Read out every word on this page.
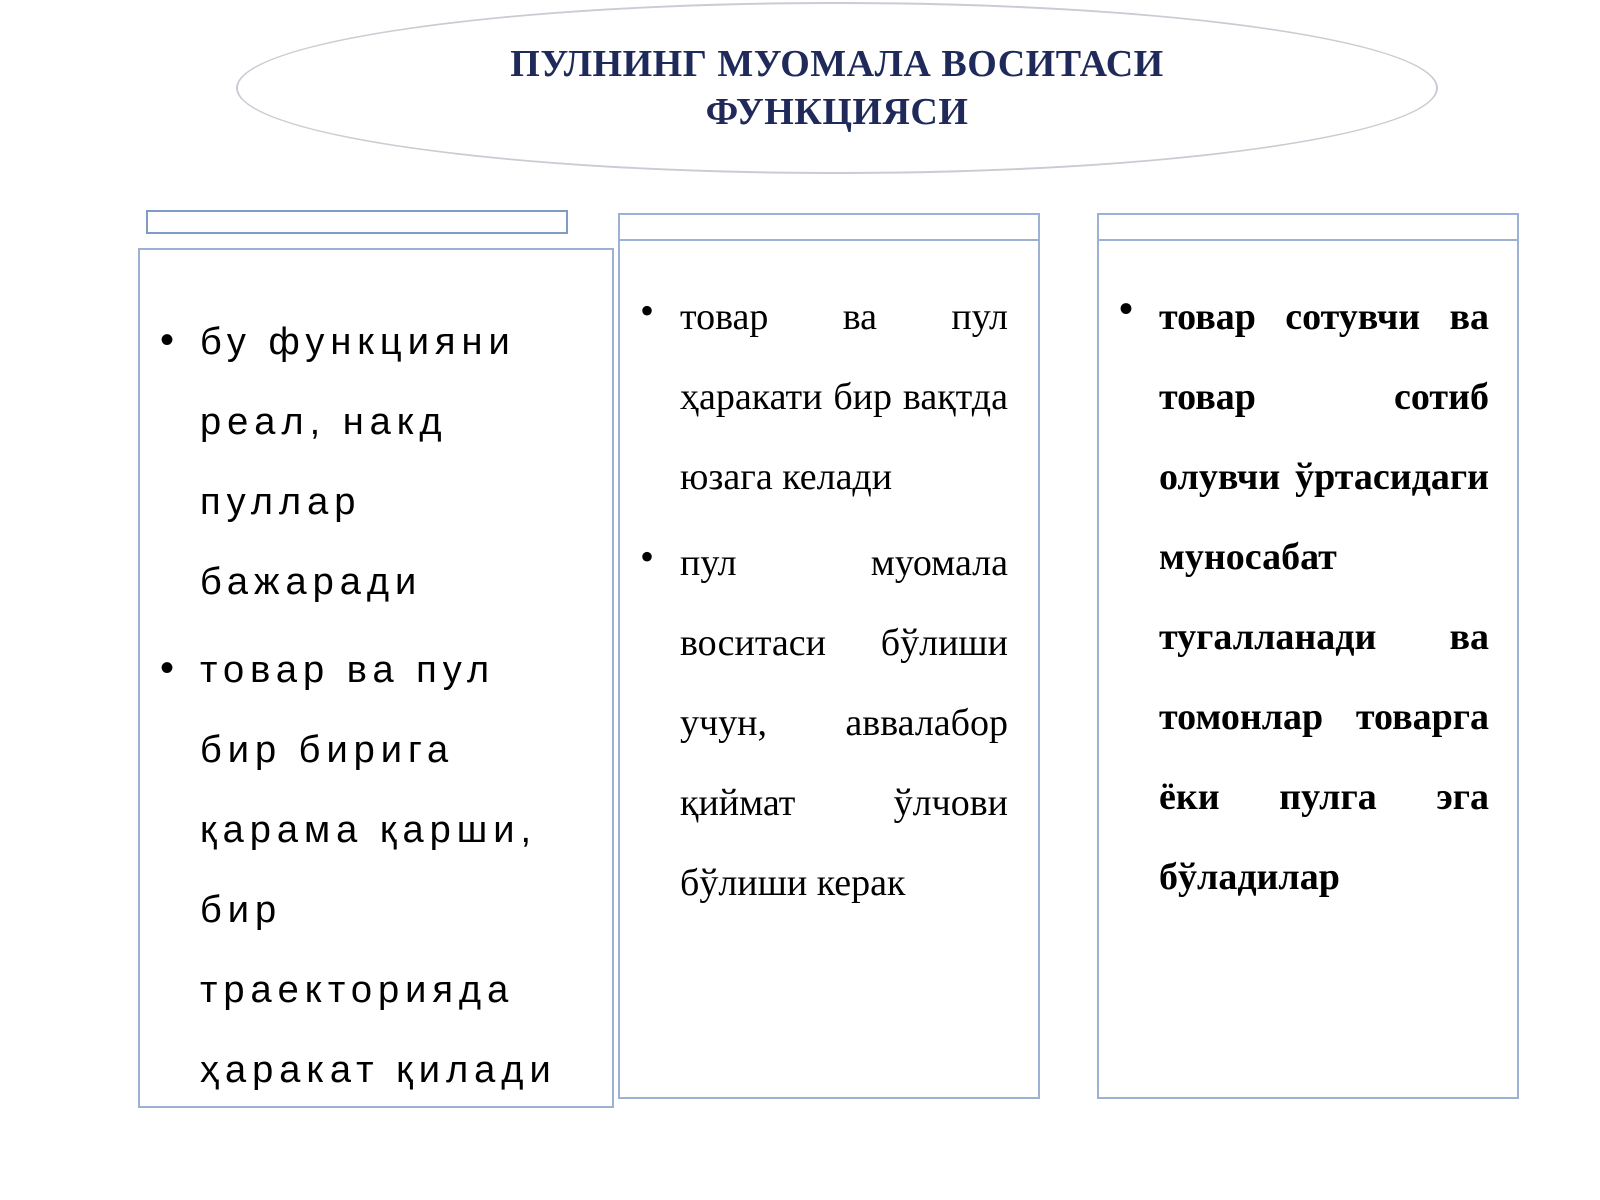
ПУЛНИНГ МУОМАЛА ВОСИТАСИ
ФУНКЦИЯСИ
• бу функцияни реал, накд пуллар бажаради
• товар ва пул бир бирига қарама қарши, бир траекторияда ҳаракат қилади
• товар ва пул ҳаракати бир вақтда юзага келади
• пул муомала воситаси бўлиши учун, аввалабор қиймат ўлчови бўлиши керак
• товар сотувчи ва товар сотиб олувчи ўртасидаги муносабат тугалланади ва томонлар товарга ёки пулга эга бўладилар
